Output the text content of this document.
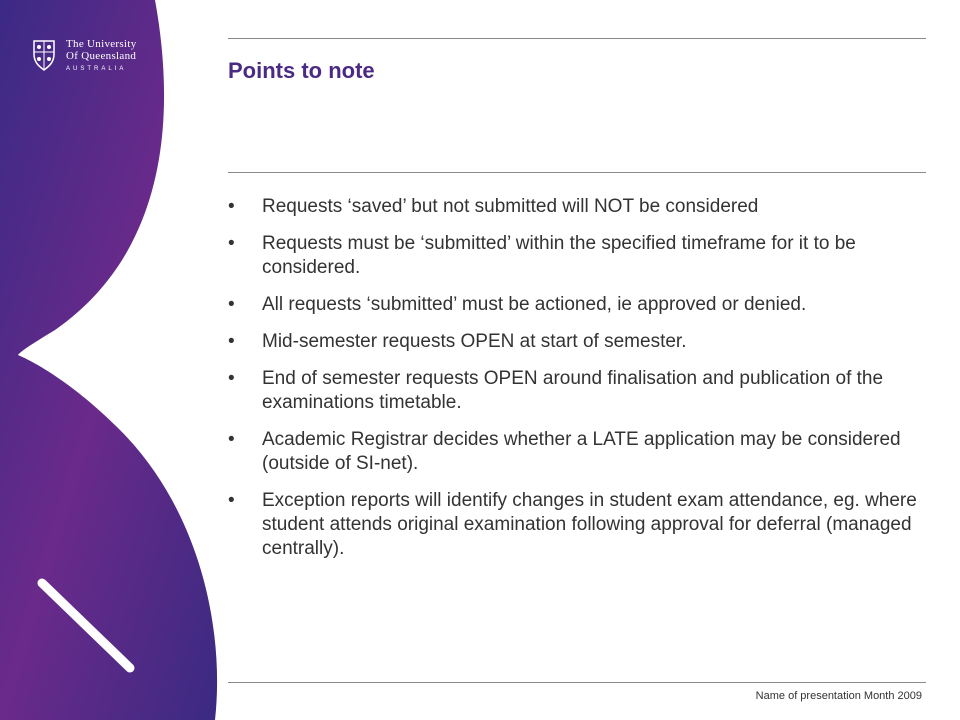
The University
Of Queensland
AUSTRALIA	Points to note
• Requests ‘saved’ but not submitted will NOT be considered
• Requests must be ‘submitted’ within the specified timeframe for it to be considered.
• All requests ‘submitted’ must be actioned, ie approved or denied.
• Mid-semester requests OPEN at start of semester.
• End of semester requests OPEN around finalisation and publication of the examinations timetable.
• Academic Registrar decides whether a LATE application may be considered (outside of SI-net).
• Exception reports will identify changes in student exam attendance, eg. where student attends original examination following approval for deferral (managed centrally).
Name of presentation Month 2009
